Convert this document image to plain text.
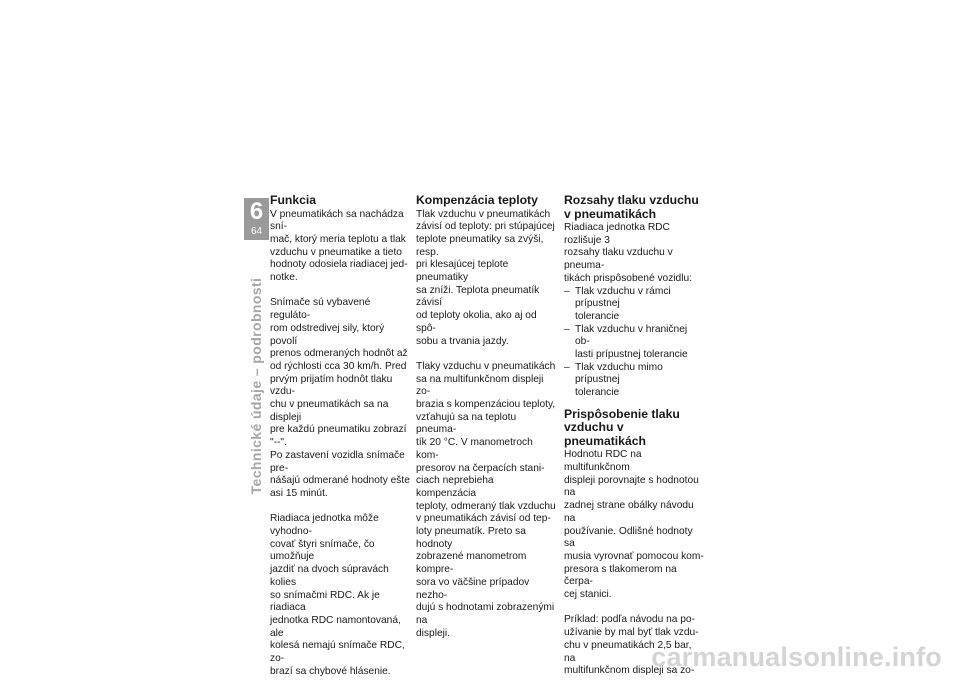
6
64
Technické údaje – podrobnosti
Funkcia

V pneumatikách sa nachádza sní-
mač, ktorý meria teplotu a tlak
vzduchu v pneumatike a tieto
hodnoty odosiela riadiacej jed-
notke.

Snímače sú vybavené reguláto-
rom odstredivej sily, ktorý povolí
prenos odmeraných hodnôt až
od rýchlosti cca 30 km/h. Pred
prvým prijatím hodnôt tlaku vzdu-
chu v pneumatikách sa na displeji
pre každú pneumatiku zobrazí "--".
Po zastavení vozidla snímače pre-
nášajú odmerané hodnoty ešte
asi 15 minút.

Riadiaca jednotka môže vyhodno-
covať štyri snímače, čo umožňuje
jazdiť na dvoch súpravách kolies
so snímačmi RDC. Ak je riadiaca
jednotka RDC namontovaná, ale
kolesá nemajú snímače RDC, zo-
brazí sa chybové hlásenie.

Kompenzácia teploty

Tlak vzduchu v pneumatikách
závisí od teploty: pri stúpajúcej
teplote pneumatiky sa zvýši, resp.
pri klesajúcej teplote pneumatiky
sa zníži. Teplota pneumatík závisí
od teploty okolia, ako aj od spô-
sobu a trvania jazdy.

Tlaky vzduchu v pneumatikách
sa na multifunkčnom displeji zo-
brazia s kompenzáciou teploty,
vzťahujú sa na teplotu pneuma-
tík 20 °C. V manometroch kom-
presorov na čerpacích stani-
ciach neprebieha kompenzácia
teploty, odmeraný tlak vzduchu
v pneumatikách závisí od tep-
loty pneumatík. Preto sa hodnoty
zobrazené manometrom kompre-
sora vo väčšine prípadov nezho-
dujú s hodnotami zobrazenými na
displeji.

Rozsahy tlaku vzduchu
v pneumatikách

Riadiaca jednotka RDC rozlišuje 3
rozsahy tlaku vzduchu v pneuma-
tikách prispôsobené vozidlu:

– Tlak vzduchu v rámci prípustnej
tolerancie
– Tlak vzduchu v hraničnej ob-
lasti prípustnej tolerancie
– Tlak vzduchu mimo prípustnej
tolerancie
Prispôsobenie tlaku
vzduchu v pneumatikách

Hodnotu RDC na multifunkčnom
displeji porovnajte s hodnotou na
zadnej strane obálky návodu na
používanie. Odlišné hodnoty sa
musia vyrovnať pomocou kom-
presora s tlakomerom na čerpa-
cej stanici.

Príklad: podľa návodu na po-
užívanie by mal byť tlak vzdu-
chu v pneumatikách 2,5 bar, na
multifunkčnom displeji sa zo-

carmanualsonline.info
